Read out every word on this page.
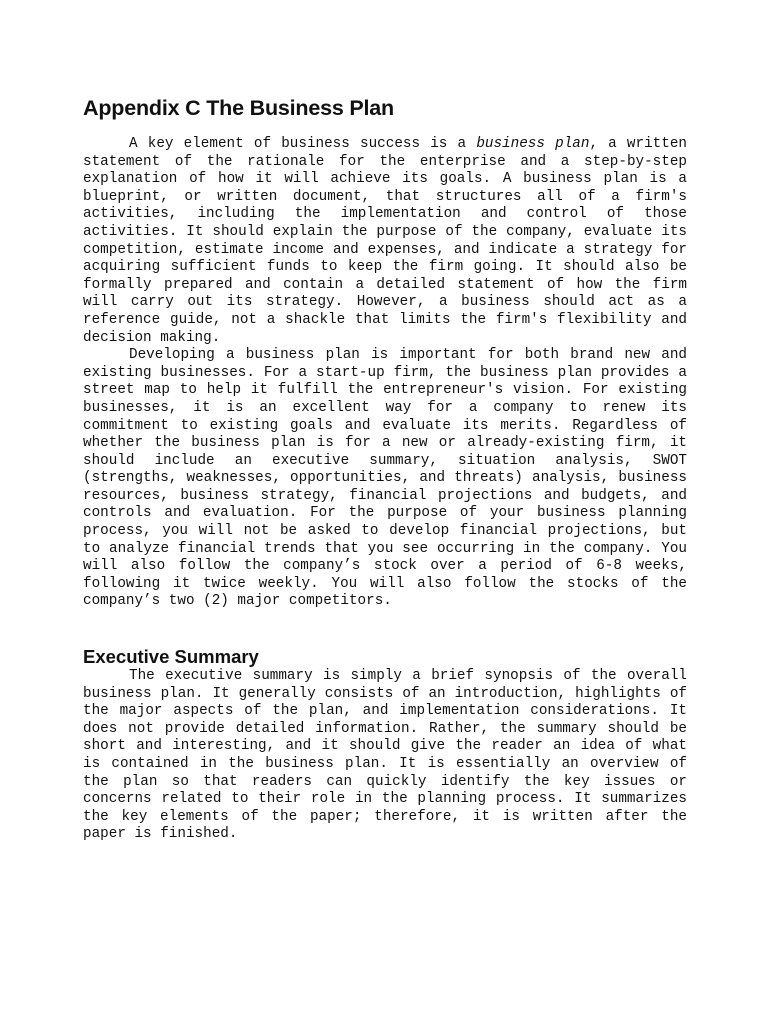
Appendix C The Business Plan

A key element of business success is a business plan, a written statement of the rationale for the enterprise and a step-by-step explanation of how it will achieve its goals. A business plan is a blueprint, or written document, that structures all of a firm's activities, including the implementation and control of those activities. It should explain the purpose of the company, evaluate its competition, estimate income and expenses, and indicate a strategy for acquiring sufficient funds to keep the firm going. It should also be formally prepared and contain a detailed statement of how the firm will carry out its strategy. However, a business should act as a reference guide, not a shackle that limits the firm's flexibility and decision making.

Developing a business plan is important for both brand new and existing businesses. For a start-up firm, the business plan provides a street map to help it fulfill the entrepreneur's vision. For existing businesses, it is an excellent way for a company to renew its commitment to existing goals and evaluate its merits. Regardless of whether the business plan is for a new or already-existing firm, it should include an executive summary, situation analysis, SWOT (strengths, weaknesses, opportunities, and threats) analysis, business resources, business strategy, financial projections and budgets, and controls and evaluation. For the purpose of your business planning process, you will not be asked to develop financial projections, but to analyze financial trends that you see occurring in the company. You will also follow the company’s stock over a period of 6-8 weeks, following it twice weekly. You will also follow the stocks of the company’s two (2) major competitors.

Executive Summary

The executive summary is simply a brief synopsis of the overall business plan. It generally consists of an introduction, highlights of the major aspects of the plan, and implementation considerations. It does not provide detailed information. Rather, the summary should be short and interesting, and it should give the reader an idea of what is contained in the business plan. It is essentially an overview of the plan so that readers can quickly identify the key issues or concerns related to their role in the planning process. It summarizes the key elements of the paper; therefore, it is written after the paper is finished.
